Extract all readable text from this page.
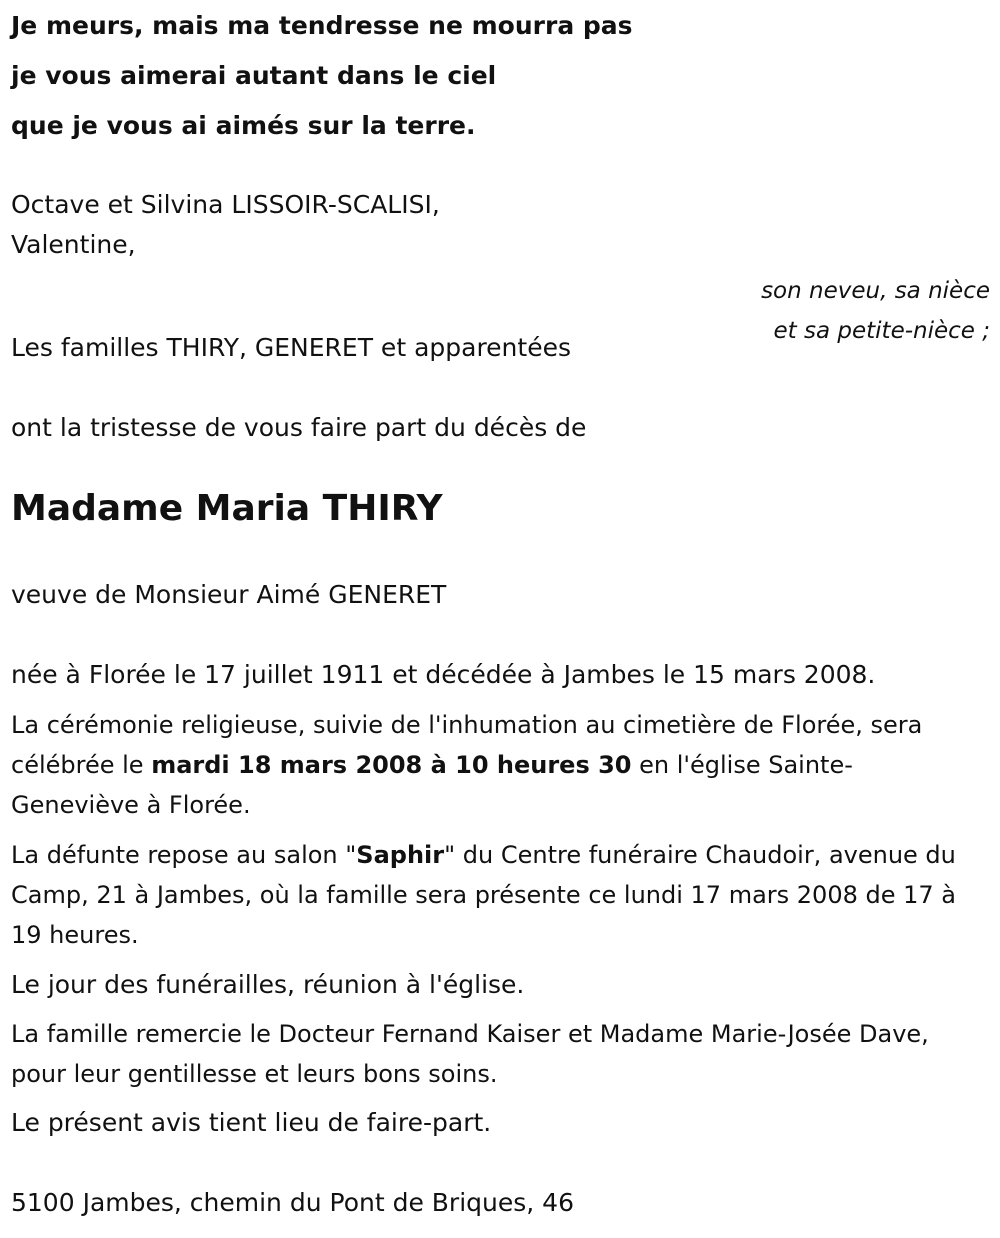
Je meurs, mais ma tendresse ne mourra pas

je vous aimerai autant dans le ciel

que je vous ai aimés sur la terre.

Octave et Silvina LISSOIR-SCALISI,

Valentine,

son neveu, sa nièce

et sa petite-nièce ;

Les familles THIRY, GENERET et apparentées

ont la tristesse de vous faire part du décès de

Madame Maria THIRY

veuve de Monsieur Aimé GENERET

née à Florée le 17 juillet 1911 et décédée à Jambes le 15 mars 2008.

La cérémonie religieuse, suivie de l'inhumation au cimetière de Florée, sera célébrée le mardi 18 mars 2008 à 10 heures 30 en l'église Sainte-Geneviève à Florée.

La défunte repose au salon "Saphir" du Centre funéraire Chaudoir, avenue du Camp, 21 à Jambes, où la famille sera présente ce lundi 17 mars 2008 de 17 à 19 heures.

Le jour des funérailles, réunion à l'église.

La famille remercie le Docteur Fernand Kaiser et Madame Marie-Josée Dave, pour leur gentillesse et leurs bons soins.

Le présent avis tient lieu de faire-part.

5100 Jambes, chemin du Pont de Briques, 46
